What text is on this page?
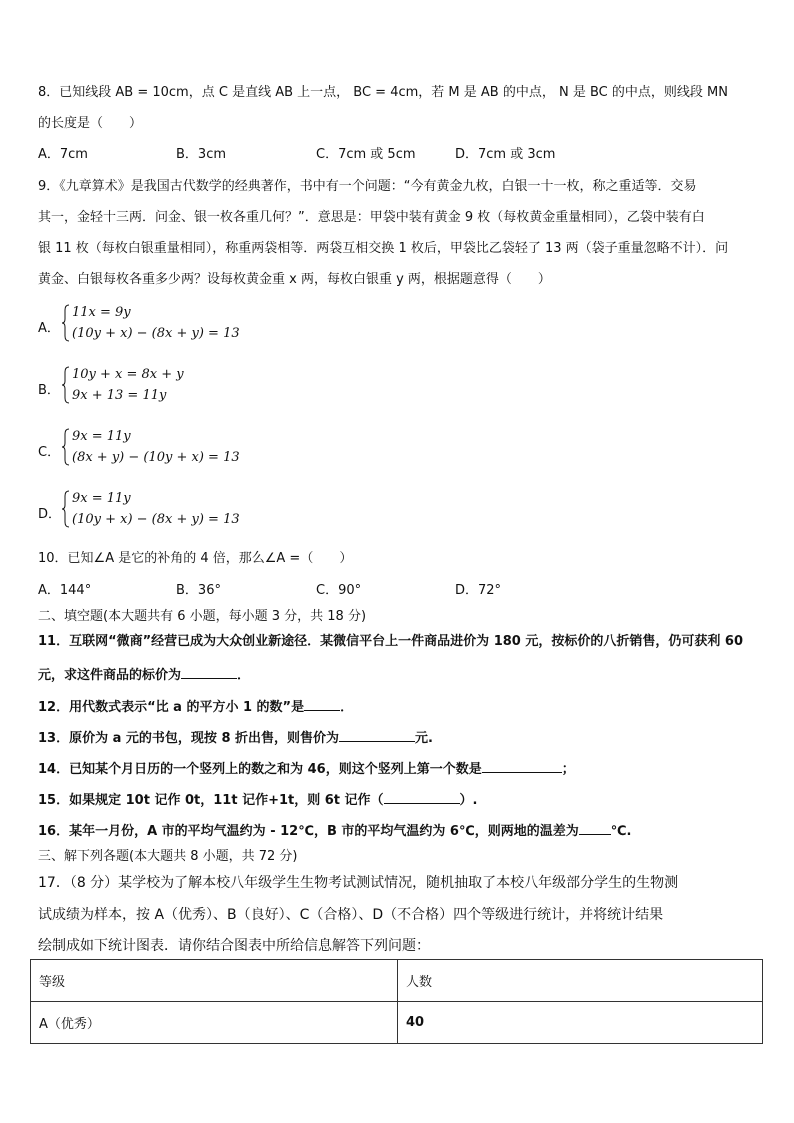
8．已知线段 AB = 10cm，点 C 是直线 AB 上一点， BC = 4cm，若 M 是 AB 的中点， N 是 BC 的中点，则线段 MN
的长度是（　　）
A．7cm	B．3cm	C．7cm 或 5cm	D．7cm 或 3cm
9．《九章算术》是我国古代数学的经典著作，书中有一个问题：“今有黄金九枚，白银一十一枚，称之重适等．交易
其一，金轻十三两．问金、银一枚各重几何？”．意思是：甲袋中装有黄金 9 枚（每枚黄金重量相同），乙袋中装有白
银 11 枚（每枚白银重量相同），称重两袋相等．两袋互相交换 1 枚后，甲袋比乙袋轻了 13 两（袋子重量忽略不计）．问
黄金、白银每枚各重多少两？设每枚黄金重 x 两，每枚白银重 y 两，根据题意得（　　）
A．
11x = 9y
(10y + x) − (8x + y) = 13
B．
10y + x = 8x + y
9x + 13 = 11y
C．
9x = 11y
(8x + y) − (10y + x) = 13
D．
9x = 11y
(10y + x) − (8x + y) = 13
10．已知∠A 是它的补角的 4 倍，那么∠A =（　　）
A．144°	B．36°	C．90°	D．72°
二、填空题(本大题共有 6 小题，每小题 3 分，共 18 分)
11．互联网“微商”经营已成为大众创业新途径．某微信平台上一件商品进价为 180 元，按标价的八折销售，仍可获利 60
元，求这件商品的标价为	．
12．用代数式表示“比 a 的平方小 1 的数”是	．
13．原价为 a 元的书包，现按 8 折出售，则售价为	元.
14．已知某个月日历的一个竖列上的数之和为 46，则这个竖列上第一个数是	；
15．如果规定 10t 记作 0t，11t 记作+1t，则 6t 记作（	）.
16．某年一月份，A 市的平均气温约为 - 12℃，B 市的平均气温约为 6℃，则两地的温差为 ℃.
三、解下列各题(本大题共 8 小题，共 72 分)
17．（8 分）某学校为了解本校八年级学生生物考试测试情况，随机抽取了本校八年级部分学生的生物测
试成绩为样本，按 A（优秀）、B（良好）、C（合格）、D（不合格）四个等级进行统计，并将统计结果
绘制成如下统计图表．请你结合图表中所给信息解答下列问题：
等级	人数
A（优秀）	40
